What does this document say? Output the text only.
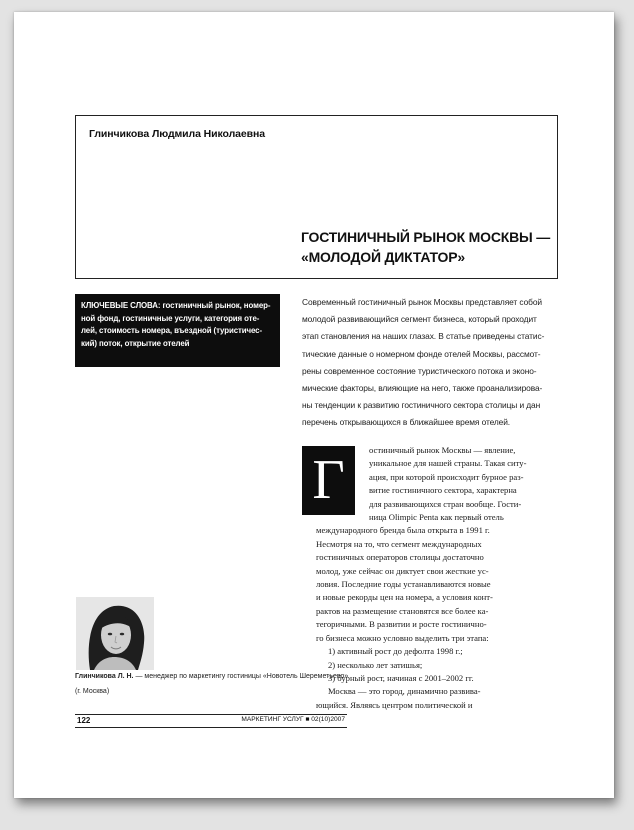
Глинчикова Людмила Николаевна
ГОСТИНИЧНЫЙ РЫНОК МОСКВЫ —
«МОЛОДОЙ ДИКТАТОР»
КЛЮЧЕВЫЕ СЛОВА: гостиничный рынок, номер-
ной фонд, гостиничные услуги, категория оте-
лей, стоимость номера, въездной (туристичес-
кий) поток, открытие отелей
Современный гостиничный рынок Москвы представляет собой
молодой развивающийся сегмент бизнеса, который проходит
этап становления на наших глазах. В статье приведены статис-
тические данные о номерном фонде отелей Москвы, рассмот-
рены современное состояние туристического потока и эконо-
мические факторы, влияющие на него, также проанализирова-
ны тенденции к развитию гостиничного сектора столицы и дан
перечень открывающихся в ближайшее время отелей.
Г	остиничный рынок Москвы — явление,
уникальное для нашей страны. Такая ситу-
ация, при которой происходит бурное раз-
витие гостиничного сектора, характерна
для развивающихся стран вообще. Гости-
ница Olimpic Penta как первый отель
международного бренда была открыта в 1991 г.
Несмотря на то, что сегмент международных
гостиничных операторов столицы достаточно
молод, уже сейчас он диктует свои жесткие ус-
ловия. Последние годы устанавливаются новые
и новые рекорды цен на номера, а условия конт-
рактов на размещение становятся все более ка-
тегоричными. В развитии и росте гостинично-
го бизнеса можно условно выделить три этапа:
1) активный рост до дефолта 1998 г.;
2) несколько лет затишья;
3) бурный рост, начиная с 2001–2002 гг.
Москва — это город, динамично развива-
ющийся. Являясь центром политической и
Глинчикова Л. Н. — менеджер по маркетингу гостиницы «Новотель Шереметьево»
(г. Москва)
122	МАРКЕТИНГ УСЛУГ ■ 02(10)2007
